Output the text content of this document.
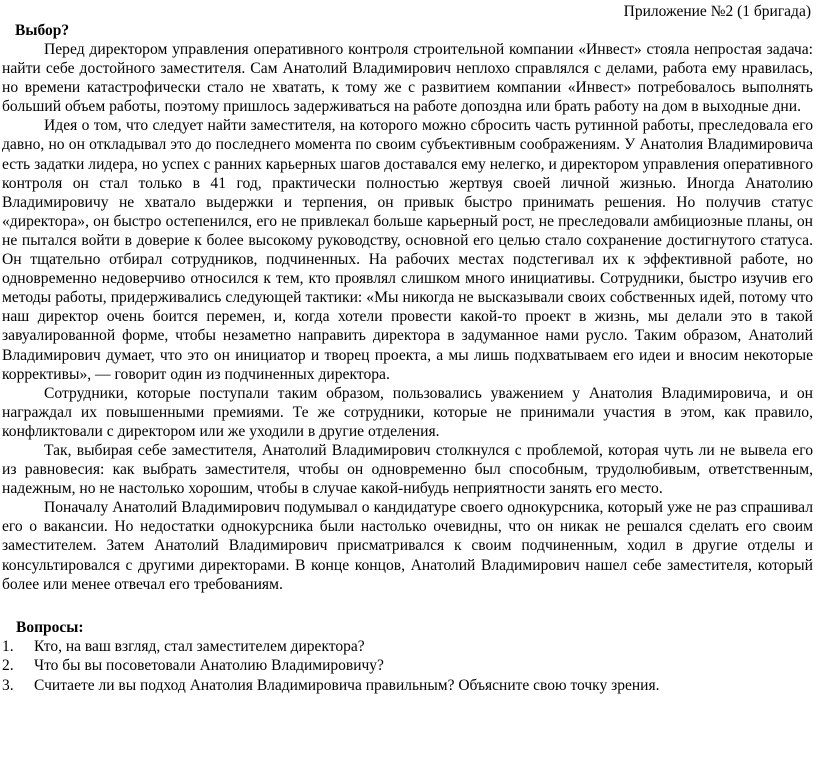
Приложение №2 (1 бригада)
Выбор?

Перед директором управления оперативного контроля строительной компании «Инвест» стояла непростая задача: найти себе достойного заместителя. Сам Анатолий Владимирович неплохо справлялся с делами, работа ему нравилась, но времени катастрофически стало не хватать, к тому же с развитием компании «Инвест» потребовалось выполнять больший объем работы, поэтому пришлось задерживаться на работе допоздна или брать работу на дом в выходные дни.

Идея о том, что следует найти заместителя, на которого можно сбросить часть рутинной работы, преследовала его давно, но он откладывал это до последнего момента по своим субъективным соображениям. У Анатолия Владимировича есть задатки лидера, но успех с ранних карьерных шагов доставался ему нелегко, и директором управления оперативного контроля он стал только в 41 год, практически полностью жертвуя своей личной жизнью. Иногда Анатолию Владимировичу не хватало выдержки и терпения, он привык быстро принимать решения. Но получив статус «директора», он быстро остепенился, его не привлекал больше карьерный рост, не преследовали амбициозные планы, он не пытался войти в доверие к более высокому руководству, основной его целью стало сохранение достигнутого статуса. Он тщательно отбирал сотрудников, подчиненных. На рабочих местах подстегивал их к эффективной работе, но одновременно недоверчиво относился к тем, кто проявлял слишком много инициативы. Сотрудники, быстро изучив его методы работы, придерживались следующей тактики: «Мы никогда не высказывали своих собственных идей, потому что наш директор очень боится перемен, и, когда хотели провести какой-то проект в жизнь, мы делали это в такой завуалированной форме, чтобы незаметно направить директора в задуманное нами русло. Таким образом, Анатолий Владимирович думает, что это он инициатор и творец проекта, а мы лишь подхватываем его идеи и вносим некоторые коррективы», — говорит один из подчиненных директора.

Сотрудники, которые поступали таким образом, пользовались уважением у Анатолия Владимировича, и он награждал их повышенными премиями. Те же сотрудники, которые не принимали участия в этом, как правило, конфликтовали с директором или же уходили в другие отделения.

Так, выбирая себе заместителя, Анатолий Владимирович столкнулся с проблемой, которая чуть ли не вывела его из равновесия: как выбрать заместителя, чтобы он одновременно был способным, трудолюбивым, ответственным, надежным, но не настолько хорошим, чтобы в случае какой-нибудь неприятности занять его место.

Поначалу Анатолий Владимирович подумывал о кандидатуре своего однокурсника, который уже не раз спрашивал его о вакансии. Но недостатки однокурсника были настолько очевидны, что он никак не решался сделать его своим заместителем. Затем Анатолий Владимирович присматривался к своим подчиненным, ходил в другие отделы и консультировался с другими директорами. В конце концов, Анатолий Владимирович нашел себе заместителя, который более или менее отвечал его требованиям.

Вопросы:
1.	Кто, на ваш взгляд, стал заместителем директора?
2.	Что бы вы посоветовали Анатолию Владимировичу?
3.	Считаете ли вы подход Анатолия Владимировича правильным? Объясните свою точку зрения.
